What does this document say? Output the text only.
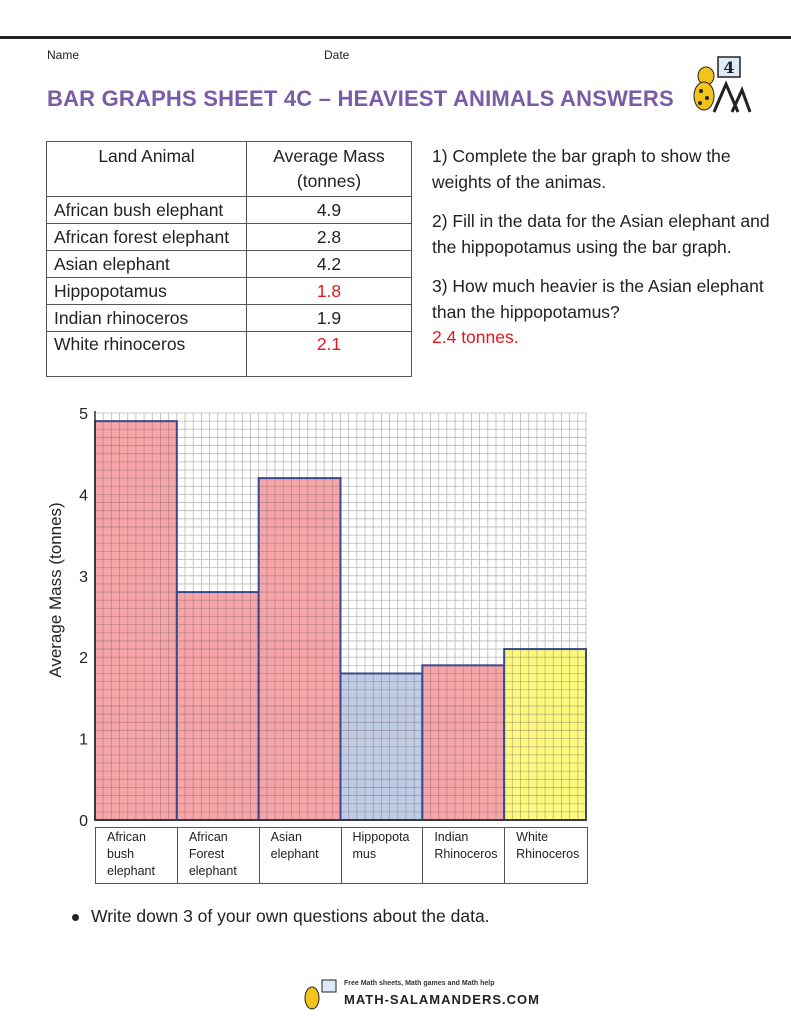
Name	Date
BAR GRAPHS SHEET 4C – HEAVIEST ANIMALS ANSWERS
4
Land Animal	Average Mass
(tonnes)
African bush elephant	4.9
African forest elephant	2.8
Asian elephant	4.2
Hippopotamus	1.8
Indian rhinoceros	1.9
White rhinoceros	2.1

1) Complete the bar graph to show the weights of the animas.

2) Fill in the data for the Asian elephant and the hippopotamus using the bar graph.

3) How much heavier is the Asian elephant than the hippopotamus?
2.4 tonnes.

Average Mass (tonnes)
0
1
2
3
4
5
African
bush
elephant
African
Forest
elephant
Asian
elephant
Hippopota
mus
Indian
Rhinoceros
White
Rhinoceros
Write down 3 of your own questions about the data.
Free Math sheets, Math games and Math help
MATH-SALAMANDERS.COM
